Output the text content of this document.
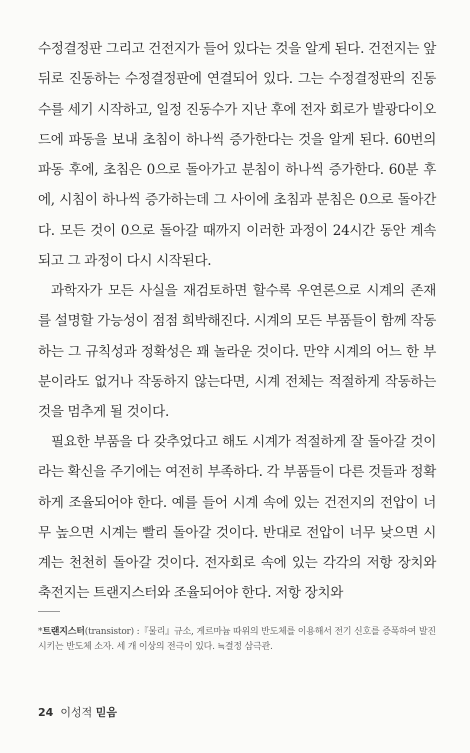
수정결정판 그리고 건전지가 들어 있다는 것을 알게 된다. 건전지는 앞뒤로 진동하는 수정결정판에 연결되어 있다. 그는 수정결정판의 진동수를 세기 시작하고, 일정 진동수가 지난 후에 전자 회로가 발광다이오드에 파동을 보내 초침이 하나씩 증가한다는 것을 알게 된다. 60번의 파동 후에, 초침은 0으로 돌아가고 분침이 하나씩 증가한다. 60분 후에, 시침이 하나씩 증가하는데 그 사이에 초침과 분침은 0으로 돌아간다. 모든 것이 0으로 돌아갈 때까지 이러한 과정이 24시간 동안 계속되고 그 과정이 다시 시작된다.

과학자가 모든 사실을 재검토하면 할수록 우연론으로 시계의 존재를 설명할 가능성이 점점 희박해진다. 시계의 모든 부품들이 함께 작동하는 그 규칙성과 정확성은 꽤 놀라운 것이다. 만약 시계의 어느 한 부분이라도 없거나 작동하지 않는다면, 시계 전체는 적절하게 작동하는 것을 멈추게 될 것이다.

필요한 부품을 다 갖추었다고 해도 시계가 적절하게 잘 돌아갈 것이라는 확신을 주기에는 여전히 부족하다. 각 부품들이 다른 것들과 정확하게 조율되어야 한다. 예를 들어 시계 속에 있는 건전지의 전압이 너무 높으면 시계는 빨리 돌아갈 것이다. 반대로 전압이 너무 낮으면 시계는 천천히 돌아갈 것이다. 전자회로 속에 있는 각각의 저항 장치와 축전지는 트랜지스터와 조율되어야 한다. 저항 장치와

*트랜지스터(transistor) :『물리』규소, 게르마늄 따위의 반도체를 이용해서 전기 신호를 증폭하여 발진시키는 반도체 소자. 세 개 이상의 전극이 있다. ≒결정 삼극관.

24 이성적 믿음
